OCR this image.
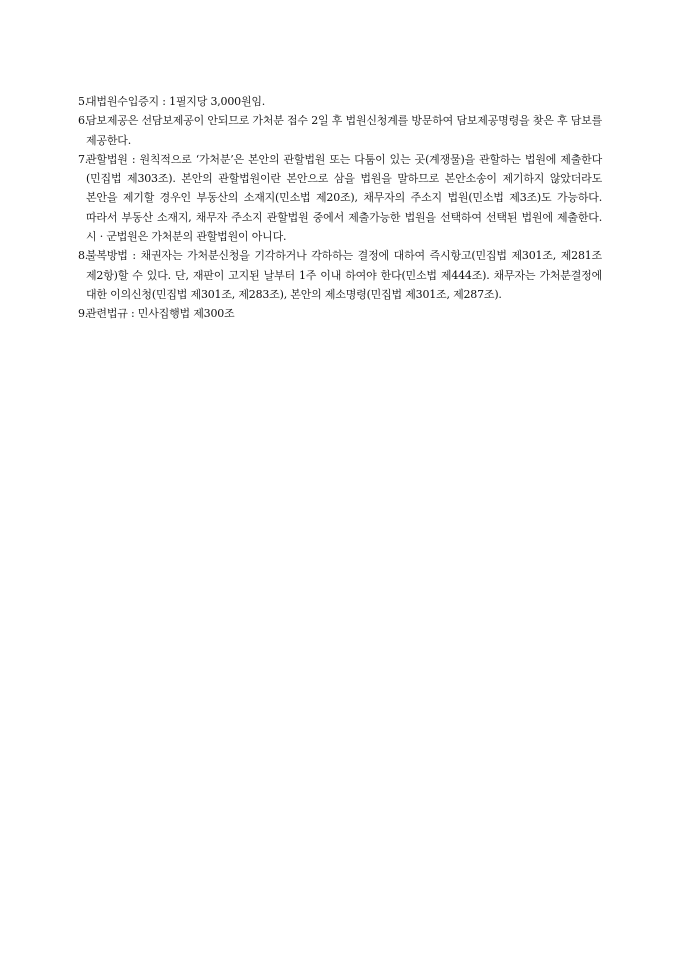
5.
대법원수입증지 : 1필지당 3,000원임.
6.
담보제공은 선담보제공이 안되므로 가처분 접수 2일 후 법원신청계를 방문하여 담보제공명령을 찾은 후 담보를 제공한다.
7.
관할법원 : 원칙적으로 ‘가처분’은 본안의 관할법원 또는 다툼이 있는 곳(계쟁물)을 관할하는 법원에 제출한다(민집법 제303조). 본안의 관할법원이란 본안으로 삼을 법원을 말하므로 본안소송이 제기하지 않았더라도 본안을 제기할 경우인 부동산의 소재지(민소법 제20조), 채무자의 주소지 법원(민소법 제3조)도 가능하다. 따라서 부동산 소재지, 채무자 주소지 관할법원 중에서 제출가능한 법원을 선택하여 선택된 법원에 제출한다. 시 · 군법원은 가처분의 관할법원이 아니다.
8.
불복방법 : 채권자는 가처분신청을 기각하거나 각하하는 결정에 대하여 즉시항고(민집법 제301조, 제281조 제2항)할 수 있다. 단, 재판이 고지된 날부터 1주 이내 하여야 한다(민소법 제444조). 채무자는 가처분결정에 대한 이의신청(민집법 제301조, 제283조), 본안의 제소명령(민집법 제301조, 제287조).
9.
관련법규 : 민사집행법 제300조
